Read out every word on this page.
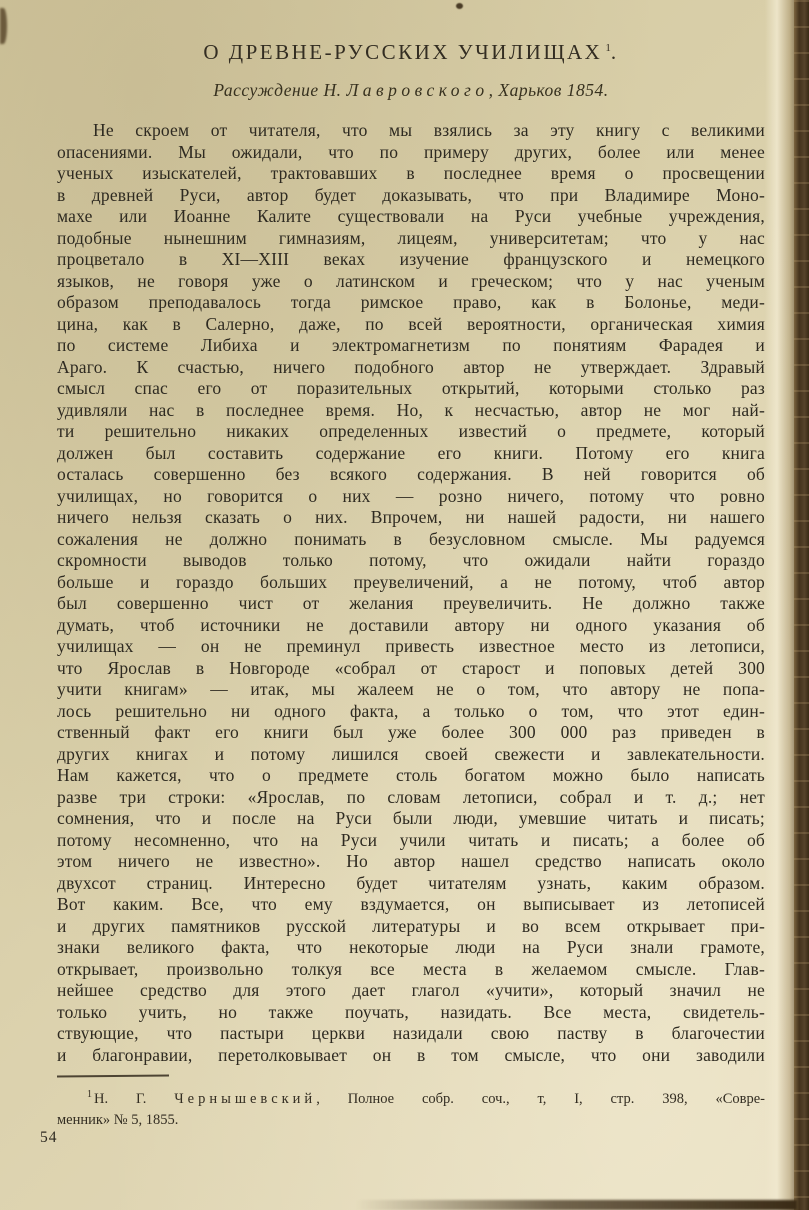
О ДРЕВНЕ-РУССКИХ УЧИЛИЩАХ $^1$.
Рассуждение Н. Лавровского, Харьков 1854.
Не скроем от читателя, что мы взялись за эту книгу с великими
опасениями. Мы ожидали, что по примеру других, более или менее
ученых изыскателей, трактовавших в последнее время о просвещении
в древней Руси, автор будет доказывать, что при Владимире Моно-
махе или Иоанне Калите существовали на Руси учебные учреждения,
подобные нынешним гимназиям, лицеям, университетам; что у нас
процветало в XI—XIII веках изучение французского и немецкого
языков, не говоря уже о латинском и греческом; что у нас ученым
образом преподавалось тогда римское право, как в Болонье, меди-
цина, как в Салерно, даже, по всей вероятности, органическая химия
по системе Либиха и электромагнетизм по понятиям Фарадея и
Араго. К счастью, ничего подобного автор не утверждает. Здравый
смысл спас его от поразительных открытий, которыми столько раз
удивляли нас в последнее время. Но, к несчастью, автор не мог най-
ти решительно никаких определенных известий о предмете, который
должен был составить содержание его книги. Потому его книга
осталась совершенно без всякого содержания. В ней говорится об
училищах, но говорится о них — розно ничего, потому что ровно
ничего нельзя сказать о них. Впрочем, ни нашей радости, ни нашего
сожаления не должно понимать в безусловном смысле. Мы радуемся
скромности выводов только потому, что ожидали найти гораздо
больше и гораздо больших преувеличений, а не потому, чтоб автор
был совершенно чист от желания преувеличить. Не должно также
думать, чтоб источники не доставили автору ни одного указания об
училищах — он не преминул привесть известное место из летописи,
что Ярослав в Новгороде «собрал от старост и поповых детей 300
учити книгам» — итак, мы жалеем не о том, что автору не попа-
лось решительно ни одного факта, а только о том, что этот един-
ственный факт его книги был уже более 300 000 раз приведен в
других книгах и потому лишился своей свежести и завлекательности.
Нам кажется, что о предмете столь богатом можно было написать
разве три строки: «Ярослав, по словам летописи, собрал и т. д.; нет
сомнения, что и после на Руси были люди, умевшие читать и писать;
потому несомненно, что на Руси учили читать и писать; а более об
этом ничего не известно». Но автор нашел средство написать около
двухсот страниц. Интересно будет читателям узнать, каким образом.
Вот каким. Все, что ему вздумается, он выписывает из летописей
и других памятников русской литературы и во всем открывает при-
знаки великого факта, что некоторые люди на Руси знали грамоте,
открывает, произвольно толкуя все места в желаемом смысле. Глав-
нейшее средство для этого дает глагол «учити», который значил не
только учить, но также поучать, назидать. Все места, свидетель-
ствующие, что пастыри церкви назидали свою паству в благочестии
и благонравии, перетолковывает он в том смысле, что они заводили
$^1$ Н. Г. Чернышевский, Полное собр. соч., т, I, стр. 398, «Совре-
менник» № 5, 1855.
54
